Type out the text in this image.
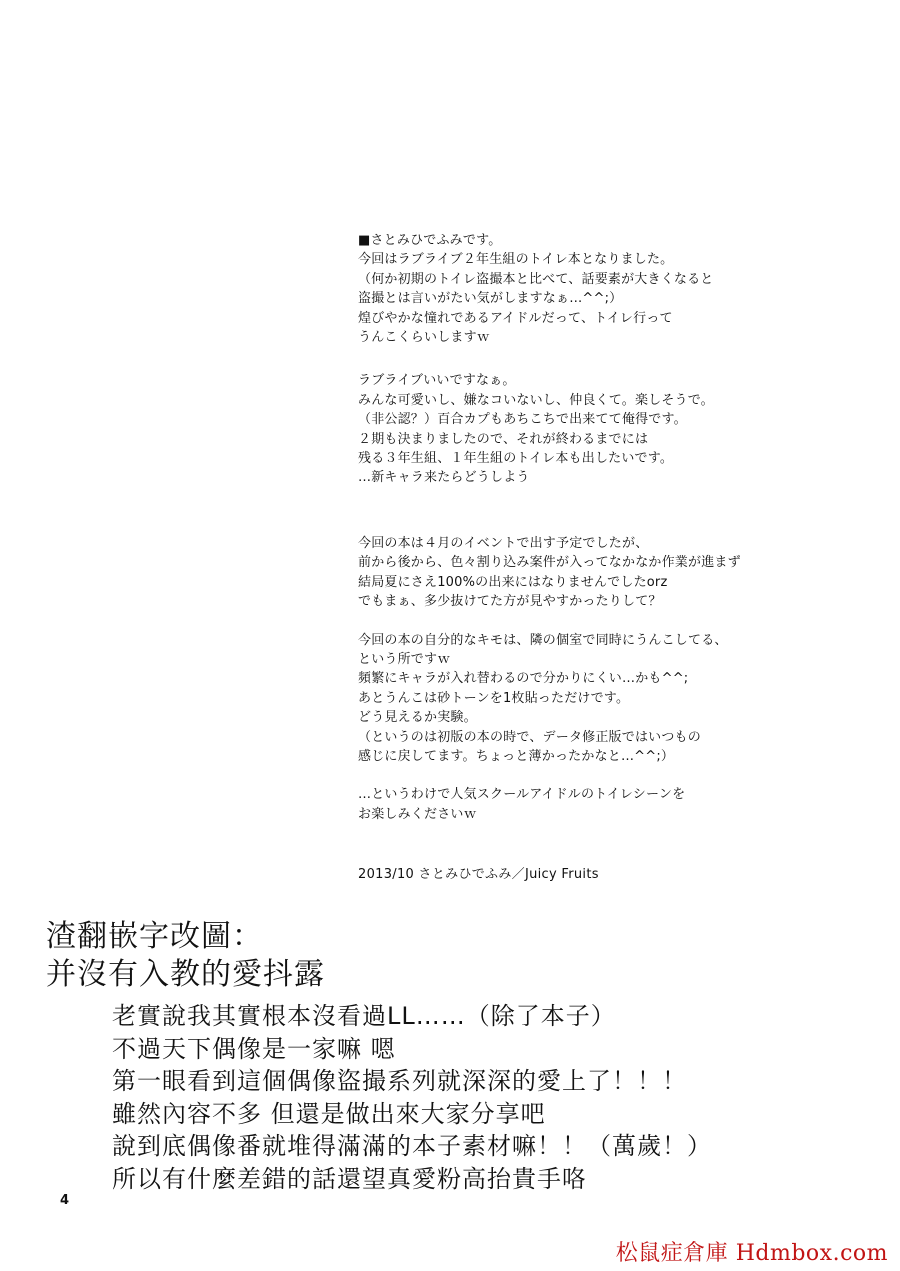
■さとみひでふみです。
今回はラブライブ２年生組のトイレ本となりました。
（何か初期のトイレ盗撮本と比べて、話要素が大きくなると
盗撮とは言いがたい気がしますなぁ…^^;）
煌びやかな憧れであるアイドルだって、トイレ行って
うんこくらいしますｗ
ラブライブいいですなぁ。
みんな可愛いし、嫌なコいないし、仲良くて。楽しそうで。
（非公認？）百合カプもあちこちで出来てて俺得です。
２期も決まりましたので、それが終わるまでには
残る３年生組、１年生組のトイレ本も出したいです。
…新キャラ来たらどうしよう
今回の本は４月のイベントで出す予定でしたが、
前から後から、色々割り込み案件が入ってなかなか作業が進まず
結局夏にさえ100%の出来にはなりませんでしたorz
でもまぁ、多少抜けてた方が見やすかったりして？
今回の本の自分的なキモは、隣の個室で同時にうんこしてる、
という所ですｗ
頻繁にキャラが入れ替わるので分かりにくい…かも^^;
あとうんこは砂トーンを1枚貼っただけです。
どう見えるか実験。
（というのは初版の本の時で、データ修正版ではいつもの
感じに戻してます。ちょっと薄かったかなと…^^;）
…というわけで人気スクールアイドルのトイレシーンを
お楽しみくださいｗ
2013/10 さとみひでふみ／Juicy Fruits
渣翻嵌字改圖：
并沒有入教的愛抖露
老實說我其實根本沒看過LL……（除了本子）
不過天下偶像是一家嘛 嗯
第一眼看到這個偶像盜撮系列就深深的愛上了！！！
雖然內容不多 但還是做出來大家分享吧
說到底偶像番就堆得滿滿的本子素材嘛！！（萬歲！）
所以有什麼差錯的話還望真愛粉高抬貴手咯
4
松鼠症倉庫 Hdmbox.com
